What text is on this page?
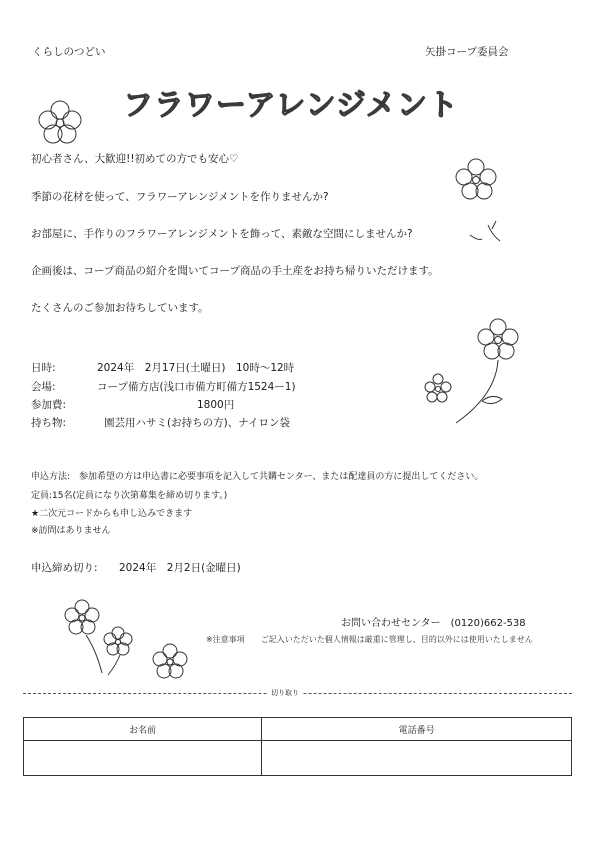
くらしのつどい	矢掛コープ委員会
フラワーアレンジメント
初心者さん、大歓迎!!初めての方でも安心♡
季節の花材を使って、フラワーアレンジメントを作りませんか?
お部屋に、手作りのフラワーアレンジメントを飾って、素敵な空間にしませんか?
企画後は、コープ商品の紹介を聞いてコープ商品の手土産をお持ち帰りいただけます。
たくさんのご参加お待ちしています。
日時:	2024年　2月17日(土曜日)　10時～12時
会場:	コープ備方店(浅口市備方町備方1524ー1)
参加費:	1800円
持ち物:	園芸用ハサミ(お持ちの方)、ナイロン袋
申込方法:　参加希望の方は申込書に必要事項を記入して共購センター、または配達員の方に提出してください。
定員:15名(定員になり次第募集を締め切ります。)
★二次元コードからも申し込みできます
※訪問はありません
申込締め切り: 2024年　2月2日(金曜日)
お問い合わせセンター　(0120)662-538
※注意事項　　ご記入いただいた個人情報は厳重に管理し、目的以外には使用いたしません
切り取り
お名前	電話番号
